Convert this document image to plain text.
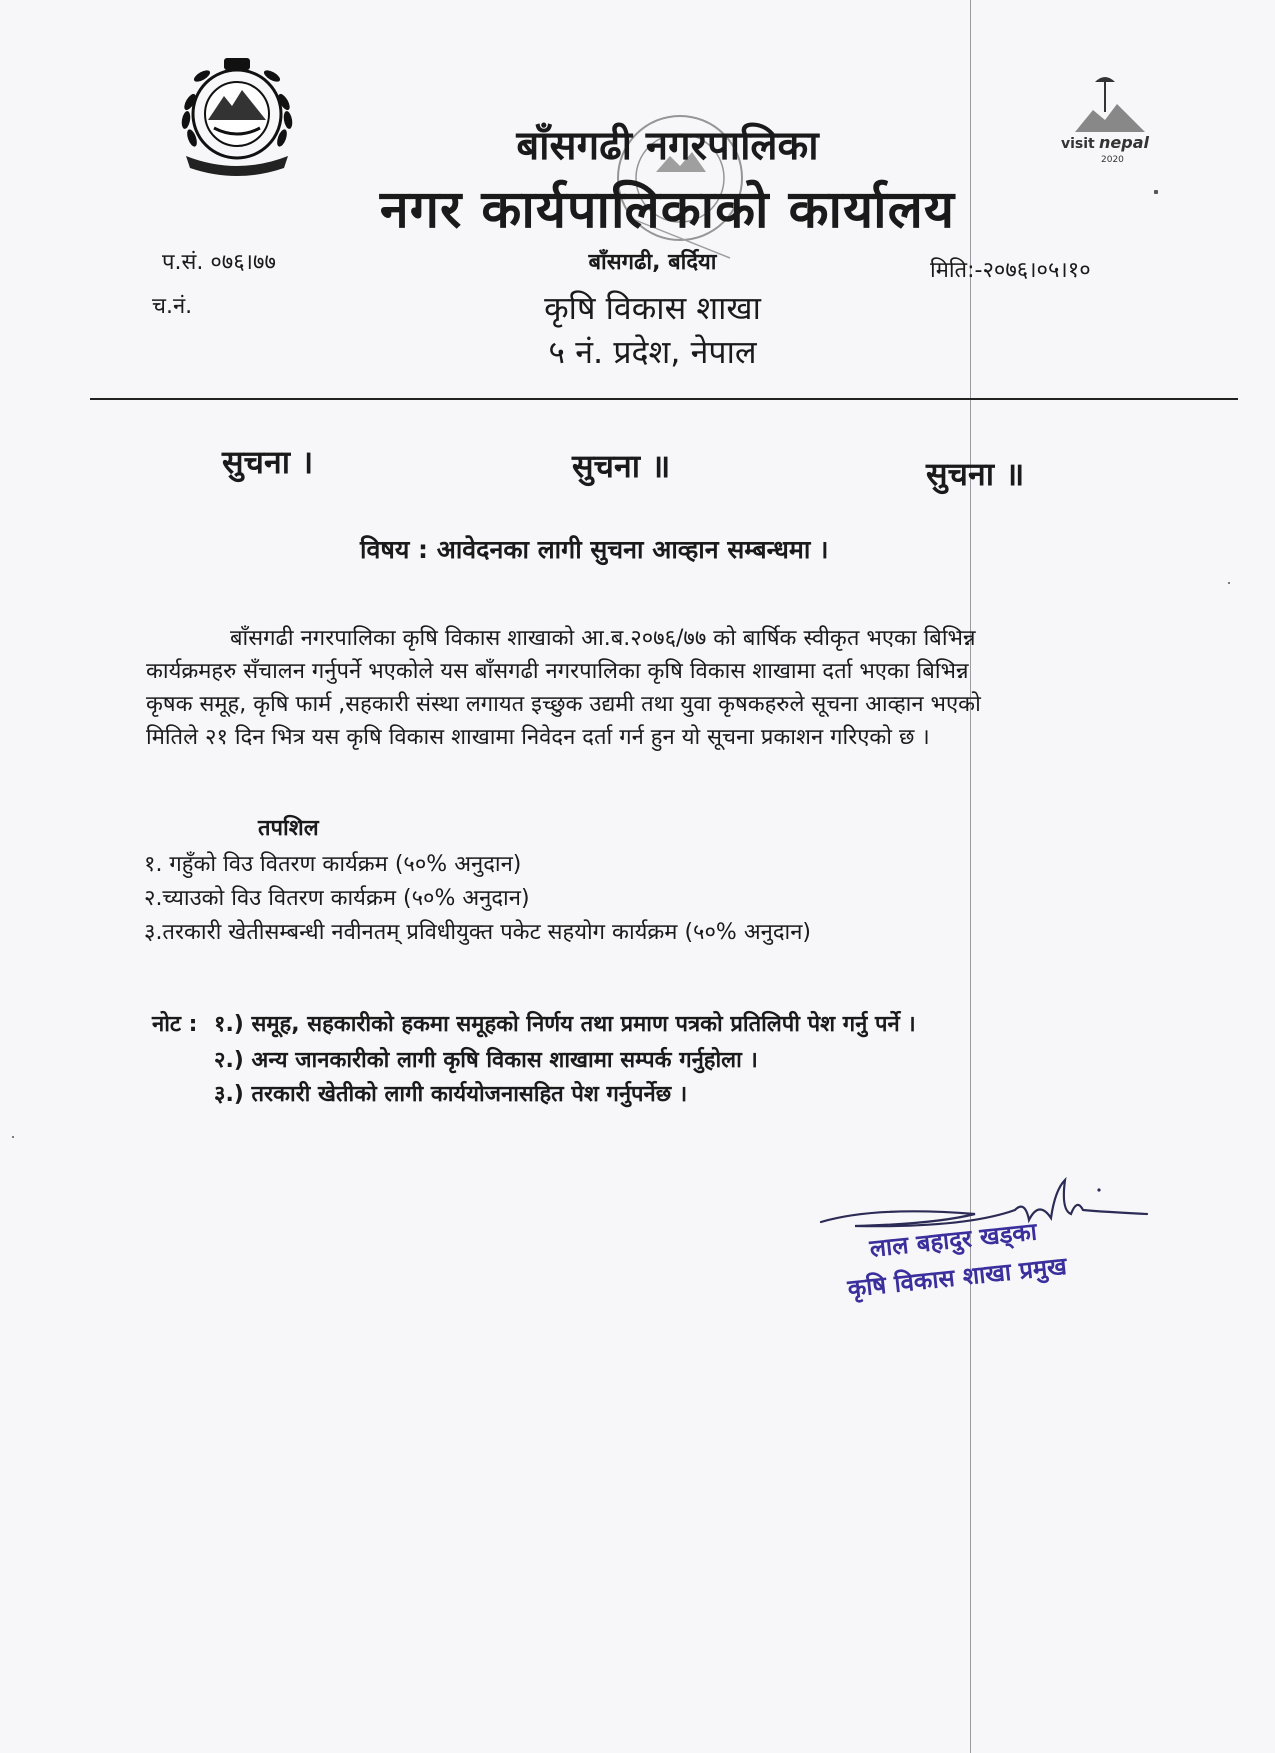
visit nepal
2020
बाँसगढी नगरपालिका
नगर कार्यपालिकाको कार्यालय
प.सं. ०७६।७७
च.नं.
मिति:-२०७६।०५।१०
बाँसगढी, बर्दिया
कृषि विकास शाखा
५ नं. प्रदेश, नेपाल
सुचना ।	सुचना ॥	सुचना ॥
विषय : आवेदनका लागी सुचना आव्हान सम्बन्धमा ।

बाँसगढी नगरपालिका कृषि विकास शाखाको आ.ब.२०७६/७७ को बार्षिक स्वीकृत भएका बिभिन्न

कार्यक्रमहरु सँचालन गर्नुपर्ने भएकोले यस बाँसगढी नगरपालिका कृषि विकास शाखामा दर्ता भएका बिभिन्न

कृषक समूह, कृषि फार्म ,सहकारी संस्था लगायत इच्छुक उद्यमी तथा युवा कृषकहरुले सूचना आव्हान भएको

मितिले २१ दिन भित्र यस कृषि विकास शाखामा निवेदन दर्ता गर्न हुन यो सूचना प्रकाशन गरिएको छ ।

तपशिल
१. गहुँको विउ वितरण कार्यक्रम (५०% अनुदान)
२.च्याउको विउ वितरण कार्यक्रम (५०% अनुदान)
३.तरकारी खेतीसम्बन्धी नवीनतम् प्रविधीयुक्त पकेट सहयोग कार्यक्रम (५०% अनुदान)
नोट : १.) समूह, सहकारीको हकमा समूहको निर्णय तथा प्रमाण पत्रको प्रतिलिपी पेश गर्नु पर्ने ।
२.) अन्य जानकारीको लागी कृषि विकास शाखामा सम्पर्क गर्नुहोला ।
३.) तरकारी खेतीको लागी कार्ययोजनासहित पेश गर्नुपर्नेछ ।
लाल बहादुर खड्का
कृषि विकास शाखा प्रमुख
